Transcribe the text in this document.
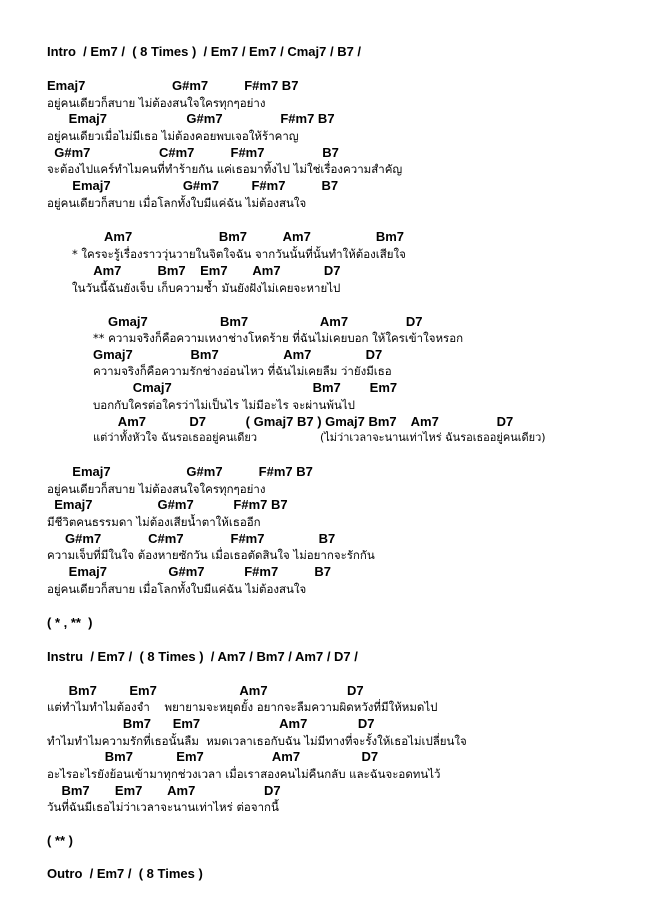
Intro  / Em7 /  ( 8 Times )  / Em7 / Em7 / Cmaj7 / B7 /
Emaj7                        G#m7          F#m7 B7
อยู่คนเดียวก็สบาย ไม่ต้องสนใจใครทุกๆอย่าง
Emaj7                      G#m7                F#m7 B7
อยู่คนเดียวเมื่อไม่มีเธอ ไม่ต้องคอยพบเจอให้ร้าคาญ
G#m7                   C#m7          F#m7                B7
จะต้องไปแคร์ทำไมคนที่ทำร้ายกัน แค่เธอมาทิ้งไป ไม่ใช่เรื่องความสำคัญ
Emaj7                    G#m7         F#m7          B7
อยู่คนเดียวก็สบาย เมื่อโลกทั้งใบมีแค่ฉัน ไม่ต้องสนใจ
Am7                        Bm7          Am7                  Bm7
* ใครจะรู้เรื่องราววุ่นวายในจิตใจฉัน จากวันนั้นที่นั้นทำให้ต้องเสียใจ
Am7          Bm7    Em7       Am7            D7
ในวันนี้ฉันยังเจ็บ เก็บความช้ำ มันยังฝังไม่เคยจะหายไป
Gmaj7                    Bm7                    Am7                D7
** ความจริงก็คือความเหงาช่างโหดร้าย ที่ฉันไม่เคยบอก ให้ใครเข้าใจหรอก
Gmaj7                Bm7                  Am7               D7
ความจริงก็คือความรักช่างอ่อนไหว ที่ฉันไม่เคยลืม ว่ายังมีเธอ
Cmaj7                                       Bm7        Em7
บอกกับใครต่อใครว่าไม่เป็นไร ไม่มีอะไร จะผ่านพ้นไป
Am7            D7           ( Gmaj7 B7 ) Gmaj7 Bm7    Am7                D7
แต่ว่าทั้งหัวใจ ฉันรอเธออยู่คนเดียว                  (ไม่ว่าเวลาจะนานเท่าไหร่ ฉันรอเธออยู่คนเดียว)
Emaj7                     G#m7          F#m7 B7
อยู่คนเดียวก็สบาย ไม่ต้องสนใจใครทุกๆอย่าง
Emaj7                  G#m7           F#m7 B7
มีชีวิตคนธรรมดา ไม่ต้องเสียน้ำตาให้เธออีก
G#m7             C#m7             F#m7               B7
ความเจ็บที่มีในใจ ต้องหายซักวัน เมื่อเธอตัดสินใจ ไม่อยากจะรักกัน
Emaj7                 G#m7           F#m7          B7
อยู่คนเดียวก็สบาย เมื่อโลกทั้งใบมีแค่ฉัน ไม่ต้องสนใจ
( * , **  )
Instru  / Em7 /  ( 8 Times )  / Am7 / Bm7 / Am7 / D7 /
Bm7         Em7                       Am7                      D7
แต่ทำไมทำไมต้องจำ    พยายามจะหยุดยั้ง อยากจะลืมความผิดหวังที่มีให้หมดไป
Bm7      Em7                      Am7              D7
ทำไมทำไมความรักที่เธอนั้นลืม  หมดเวลาเธอกับฉัน ไม่มีทางที่จะรั้งให้เธอไม่เปลี่ยนใจ
Bm7            Em7                   Am7                 D7
อะไรอะไรยังย้อนเข้ามาทุกช่วงเวลา เมื่อเราสองคนไม่คืนกลับ และฉันจะอดทนไว้
Bm7       Em7       Am7                   D7
วันที่ฉันมีเธอไม่ว่าเวลาจะนานเท่าไหร่ ต่อจากนี้
( ** )
Outro  / Em7 /  ( 8 Times )
